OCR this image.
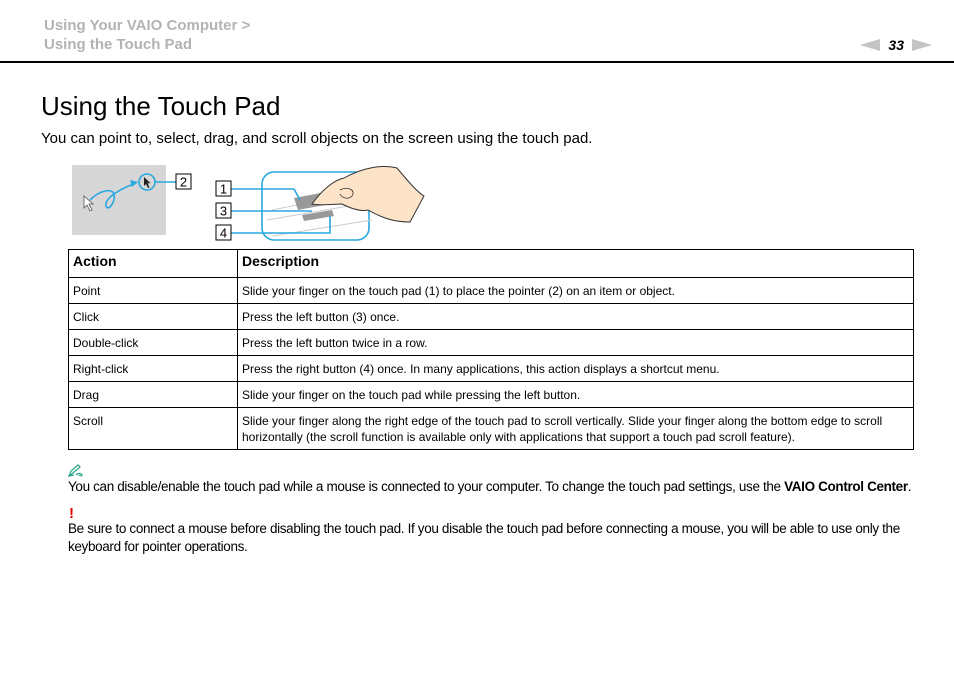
Using Your VAIO Computer >
Using the Touch Pad	33
Using the Touch Pad

You can point to, select, drag, and scroll objects on the screen using the touch pad.

2	1
3
4
Action	Description
Point	Slide your finger on the touch pad (1) to place the pointer (2) on an item or object.
Click	Press the left button (3) once.
Double-click	Press the left button twice in a row.
Right-click	Press the right button (4) once. In many applications, this action displays a shortcut menu.
Drag	Slide your finger on the touch pad while pressing the left button.
Scroll	Slide your finger along the right edge of the touch pad to scroll vertically. Slide your finger along the bottom edge to scroll horizontally (the scroll function is available only with applications that support a touch pad scroll feature).
You can disable/enable the touch pad while a mouse is connected to your computer. To change the touch pad settings, use the VAIO Control Center.
!
Be sure to connect a mouse before disabling the touch pad. If you disable the touch pad before connecting a mouse, you will be able to use only the keyboard for pointer operations.
